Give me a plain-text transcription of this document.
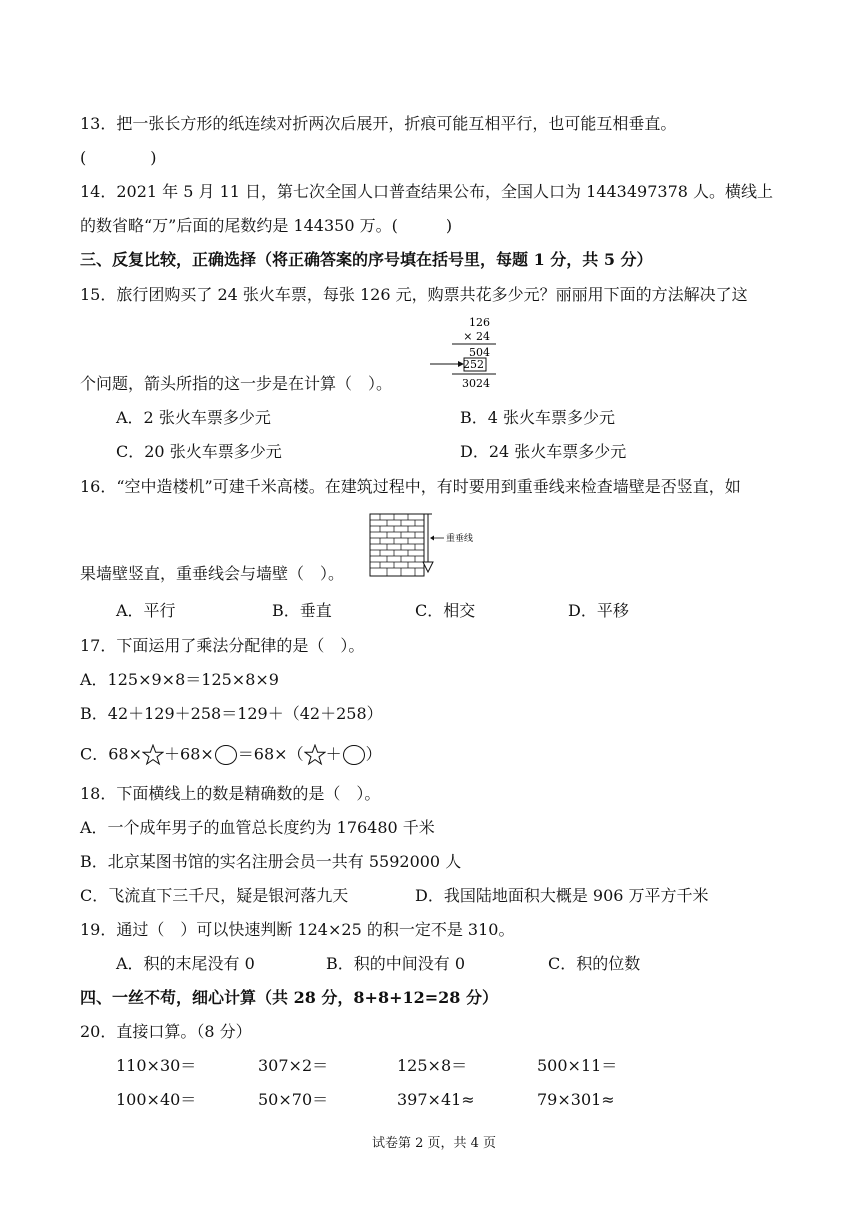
13．把一张长方形的纸连续对折两次后展开，折痕可能互相平行，也可能互相垂直。
(　　　　)
14．2021 年 5 月 11 日，第七次全国人口普查结果公布，全国人口为 1443497378 人。横线上
的数省略“万”后面的尾数约是 144350 万。(　　　)
三、反复比较，正确选择（将正确答案的序号填在括号里，每题 1 分，共 5 分）
15．旅行团购买了 24 张火车票，每张 126 元，购票共花多少元？丽丽用下面的方法解决了这
126
× 24
504
252
3024
个问题，箭头所指的这一步是在计算（　）。
A．2 张火车票多少元	B．4 张火车票多少元
C．20 张火车票多少元	D．24 张火车票多少元
16．“空中造楼机”可建千米高楼。在建筑过程中，有时要用到重垂线来检查墙壁是否竖直，如
重垂线
果墙壁竖直，重垂线会与墙壁（　）。
A．平行	B．垂直	C．相交	D．平移
17．下面运用了乘法分配律的是（　）。
A．125×9×8＝125×8×9
B．42＋129＋258＝129＋（42＋258）
C．68× ＋68× ＝68×（ ＋ ）
18．下面横线上的数是精确数的是（　）。
A．一个成年男子的血管总长度约为 176480 千米
B．北京某图书馆的实名注册会员一共有 5592000 人
C．飞流直下三千尺，疑是银河落九天	D．我国陆地面积大概是 906 万平方千米
19．通过（　）可以快速判断 124×25 的积一定不是 310。
A．积的末尾没有 0	B．积的中间没有 0	C．积的位数
四、一丝不苟，细心计算（共 28 分，8+8+12=28 分）
20．直接口算。（8 分）
110×30＝	307×2＝	125×8＝	500×11＝
100×40＝	50×70＝	397×41≈	79×301≈
试卷第 2 页，共 4 页
